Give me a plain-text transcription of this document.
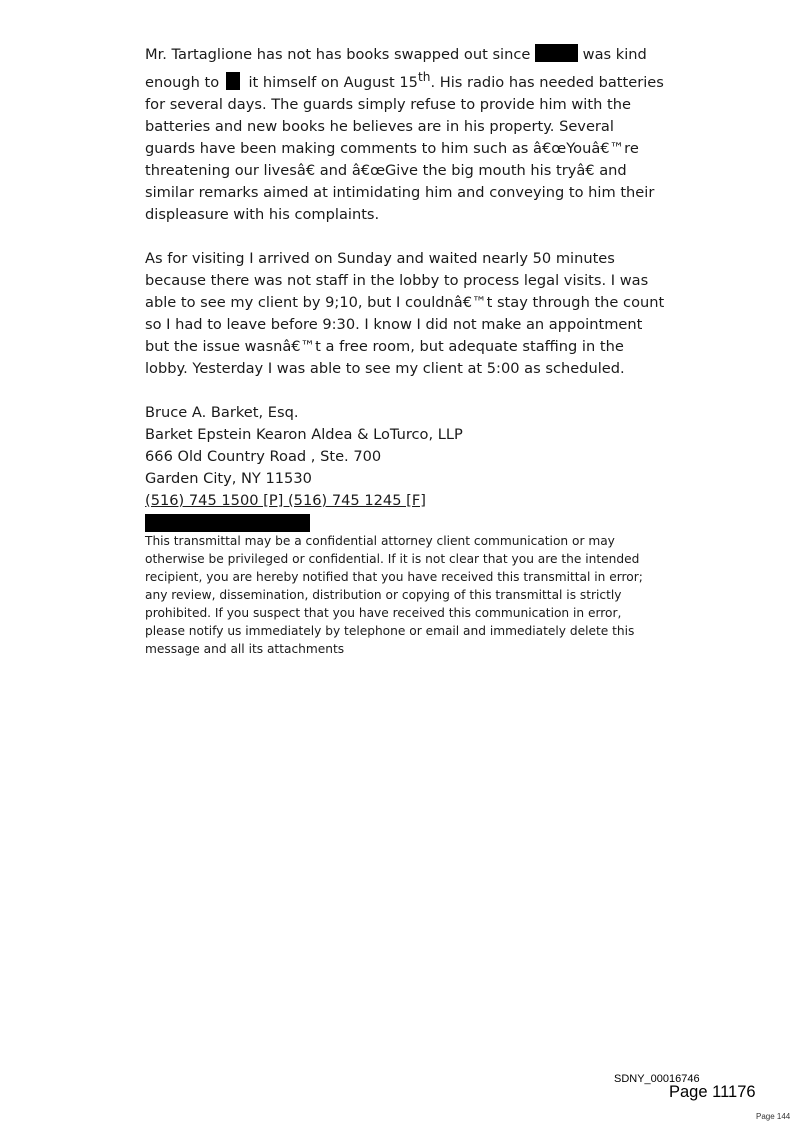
Mr. Tartaglione has not has books swapped out since	was kind enough to  it himself on August 15th. His radio has needed batteries for several days. The guards simply refuse to provide him with the batteries and new books he believes are in his property. Several guards have been making comments to him such as â€œYouâ€™re threatening our livesâ€ and â€œGive the big mouth his tryâ€ and similar remarks aimed at intimidating him and conveying to him their displeasure with his complaints.

As for visiting I arrived on Sunday and waited nearly 50 minutes because there was not staff in the lobby to process legal visits. I was able to see my client by 9;10, but I couldnâ€™t stay through the count so I had to leave before 9:30. I know I did not make an appointment but the issue wasnâ€™t a free room, but adequate staffing in the lobby. Yesterday I was able to see my client at 5:00 as scheduled.

Bruce A. Barket, Esq.
Barket Epstein Kearon Aldea & LoTurco, LLP
666 Old Country Road , Ste. 700
Garden City, NY 11530
(516) 745 1500 [P] (516) 745 1245 [F]

This transmittal may be a confidential attorney client communication or may otherwise be privileged or confidential. If it is not clear that you are the intended recipient, you are hereby notified that you have received this transmittal in error; any review, dissemination, distribution or copying of this transmittal is strictly prohibited. If you suspect that you have received this communication in error, please notify us immediately by telephone or email and immediately delete this message and all its attachments

SDNY_00016746
Page 11176
Page 144
